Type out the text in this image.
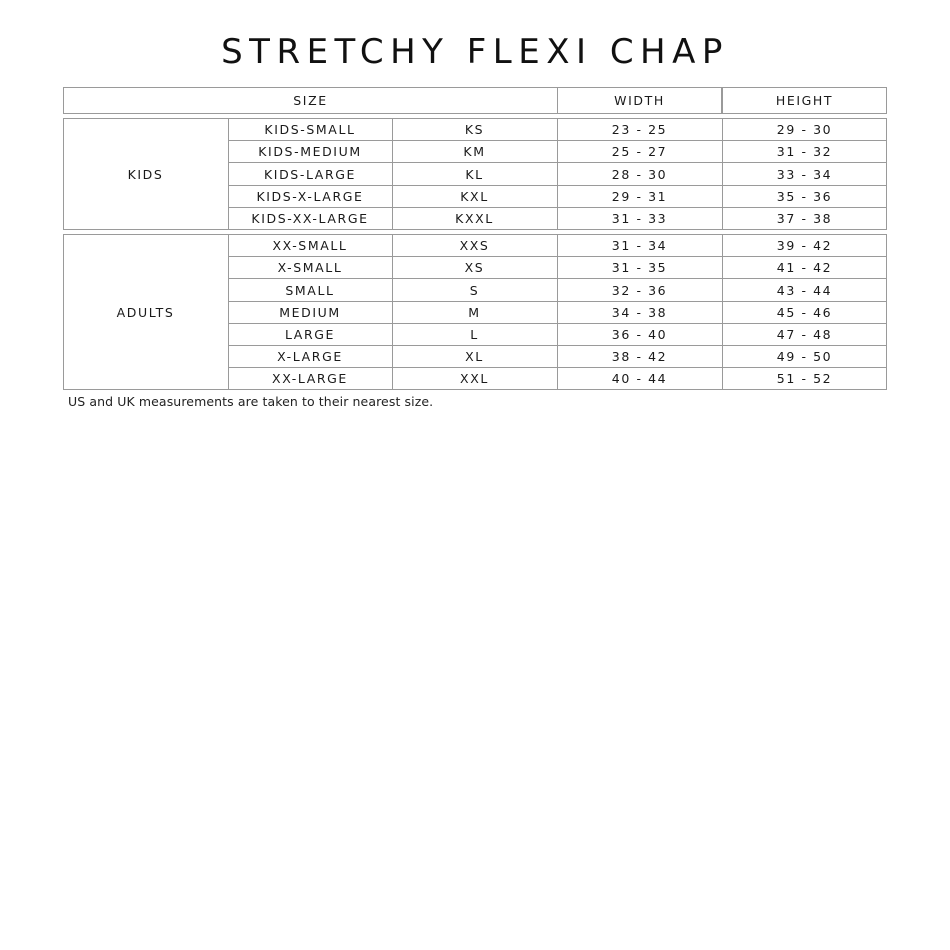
STRETCHY FLEXI CHAP
SIZE	WIDTH	HEIGHT
KIDS
KIDS-SMALL	KS	23 - 25	29 - 30
KIDS-MEDIUM	KM	25 - 27	31 - 32
KIDS-LARGE	KL	28 - 30	33 - 34
KIDS-X-LARGE	KXL	29 - 31	35 - 36
KIDS-XX-LARGE	KXXL	31 - 33	37 - 38
ADULTS
XX-SMALL	XXS	31 - 34	39 - 42
X-SMALL	XS	31 - 35	41 - 42
SMALL	S	32 - 36	43 - 44
MEDIUM	M	34 - 38	45 - 46
LARGE	L	36 - 40	47 - 48
X-LARGE	XL	38 - 42	49 - 50
XX-LARGE	XXL	40 - 44	51 - 52
US and UK measurements are taken to their nearest size.
